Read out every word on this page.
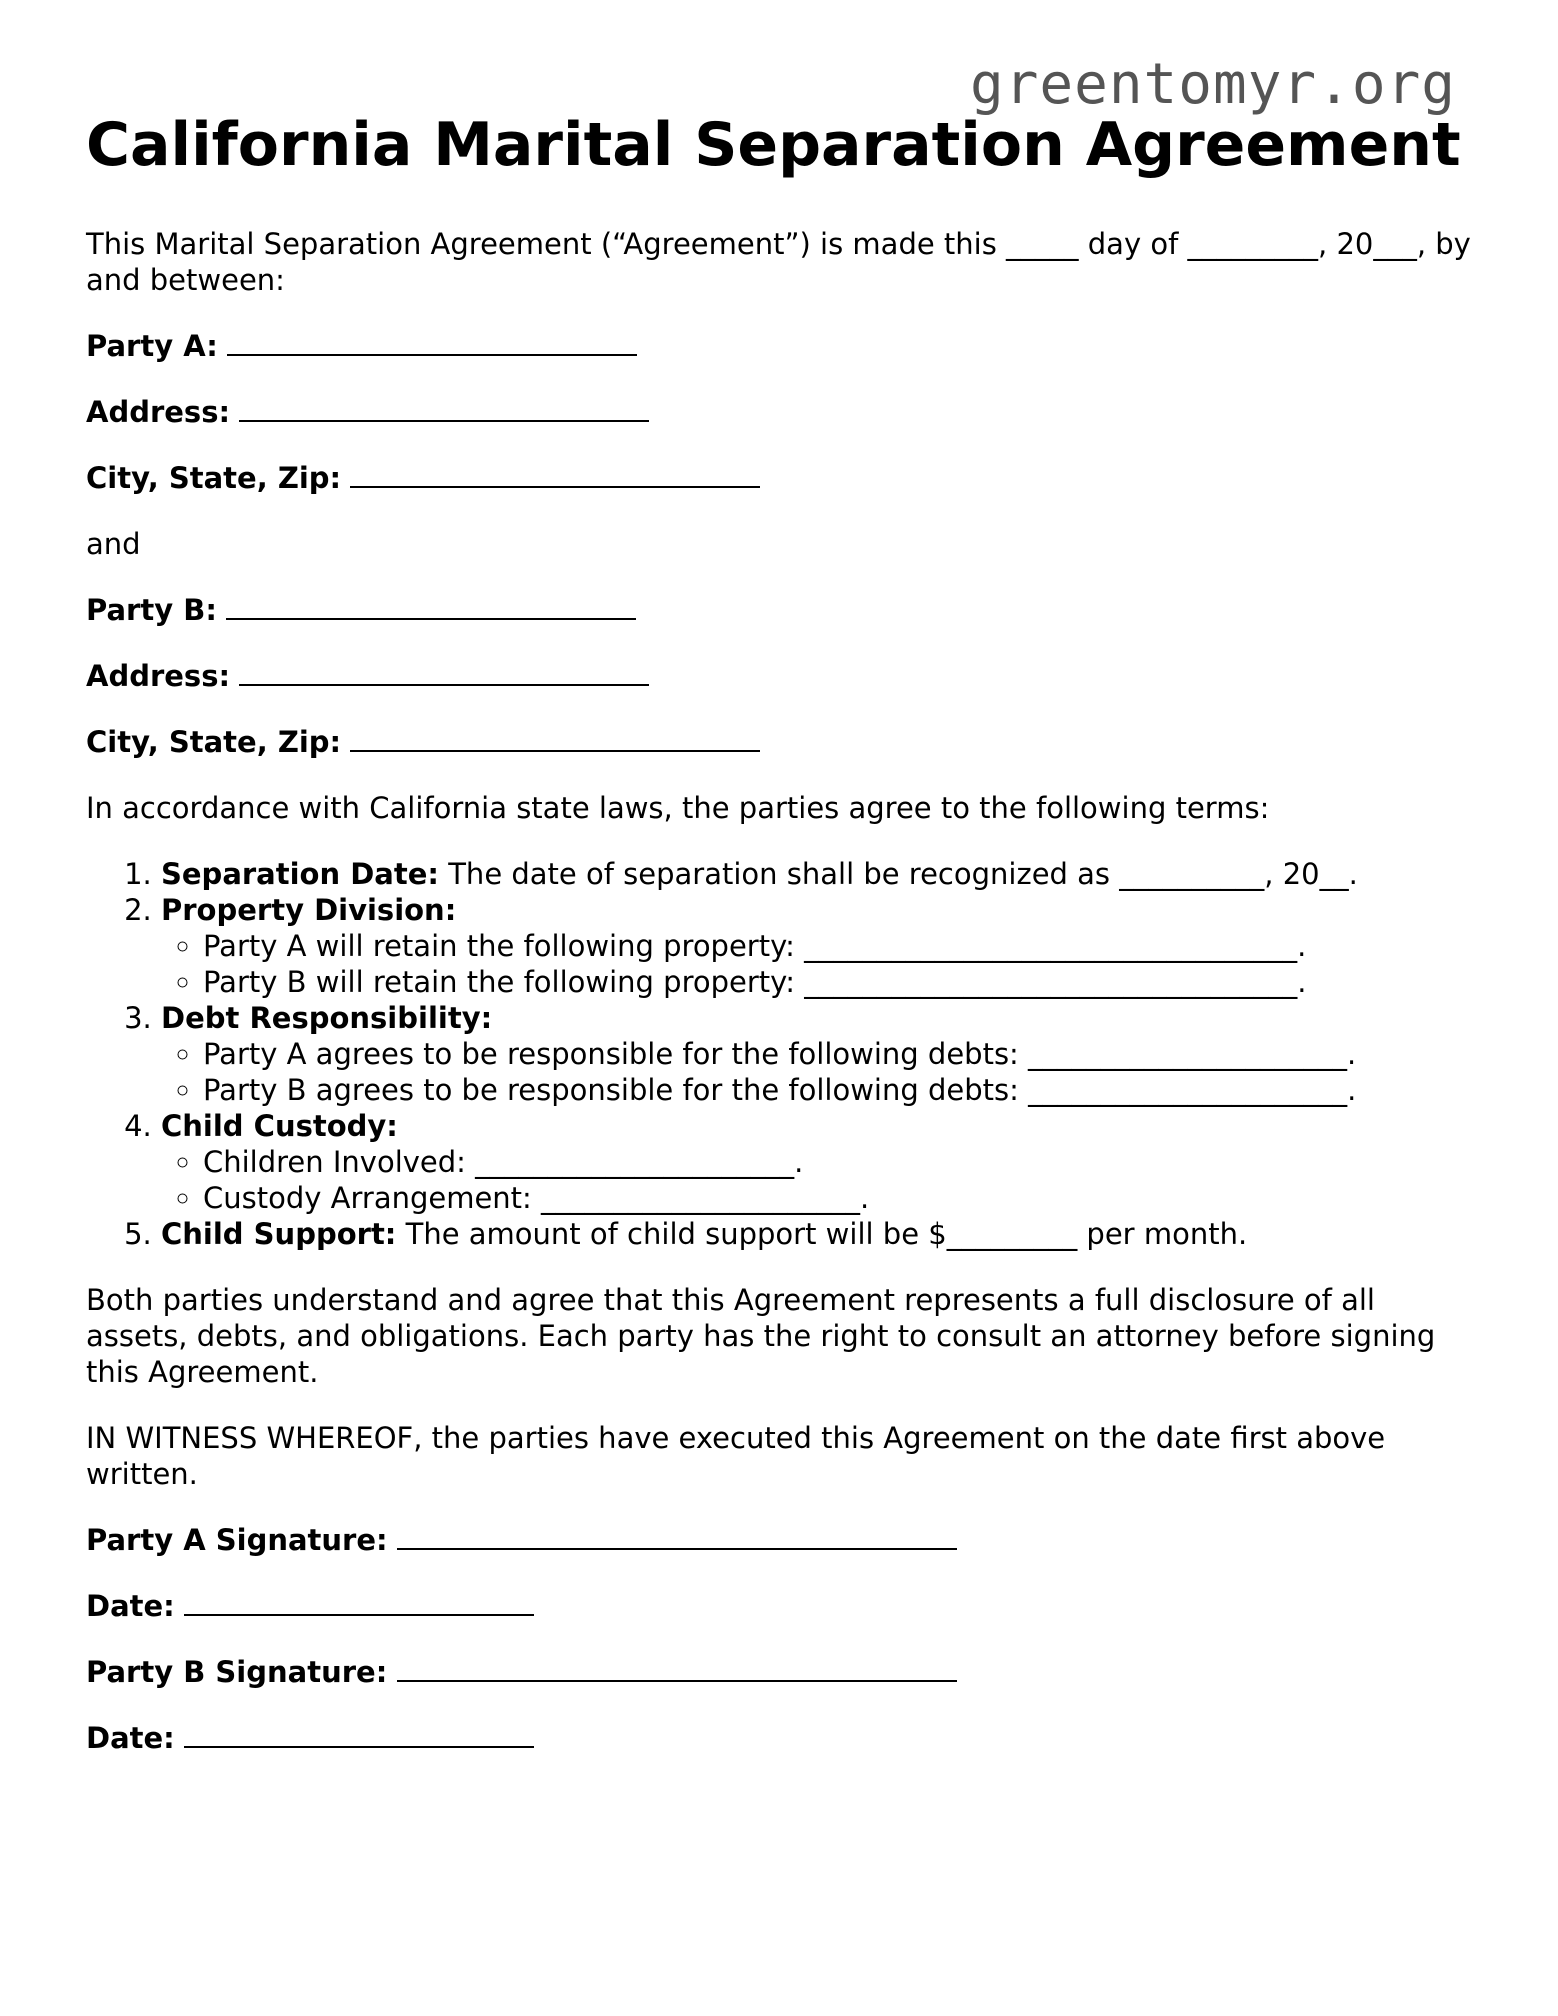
greentomyr.org
California Marital Separation Agreement

This Marital Separation Agreement (“Agreement”) is made this _____ day of _________, 20___, by and between:

Party A:
Address:
City, State, Zip:

and

Party B:
Address:
City, State, Zip:

In accordance with California state laws, the parties agree to the following terms:

1. Separation Date: The date of separation shall be recognized as __________, 20__.
2. Property Division:
◦ Party A will retain the following property: __________________________________.
◦ Party B will retain the following property: __________________________________.
3. Debt Responsibility:
◦ Party A agrees to be responsible for the following debts: ______________________.
◦ Party B agrees to be responsible for the following debts: ______________________.
4. Child Custody:
◦ Children Involved: ______________________.
◦ Custody Arrangement: ______________________.
5. Child Support: The amount of child support will be $_________ per month.

Both parties understand and agree that this Agreement represents a full disclosure of all assets, debts, and obligations. Each party has the right to consult an attorney before signing this Agreement.

IN WITNESS WHEREOF, the parties have executed this Agreement on the date first above written.

Party A Signature:
Date:
Party B Signature:
Date:
